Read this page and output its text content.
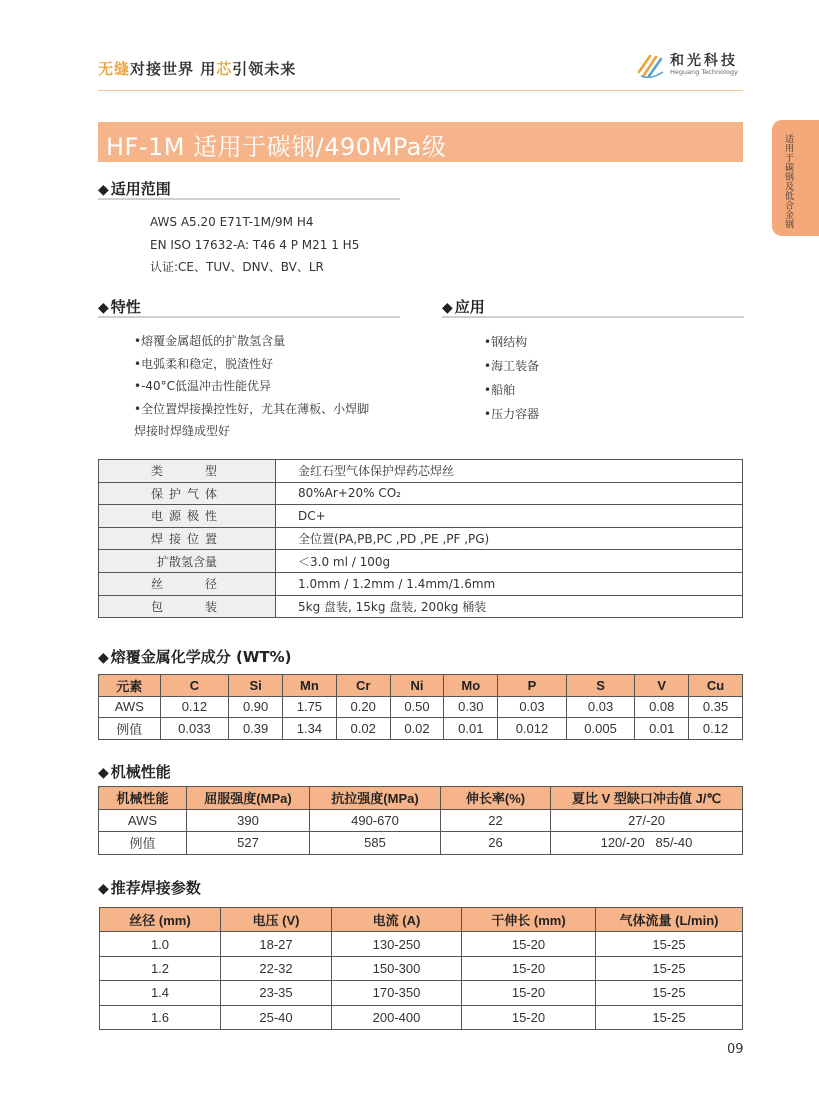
无缝对接世界 用芯引领未来	和光科技
Heguang Technology
适用于碳钢及低合金钢
HF-1M 适用于碳钢/490MPa级
◆ 适用范围
AWS A5.20 E71T-1M/9M H4
EN ISO 17632-A: T46 4 P M21 1 H5
认证:CE、TUV、DNV、BV、LR
◆ 特性
•熔覆金属超低的扩散氢含量
•电弧柔和稳定，脱渣性好
•-40°C低温冲击性能优异
•全位置焊接操控性好，尤其在薄板、小焊脚
焊接时焊缝成型好
◆ 应用
•钢结构
•海工装备
•船舶
•压力容器
类　　型	金红石型气体保护焊药芯焊丝
保护气体	80%Ar+20% CO₂
电源极性	DC+
焊接位置	全位置(PA,PB,PC ,PD ,PE ,PF ,PG)
扩散氢含量	＜3.0 ml / 100g
丝　　径	1.0mm / 1.2mm / 1.4mm/1.6mm
包　　装	5kg 盘装, 15kg 盘装, 200kg 桶装
◆ 熔覆金属化学成分 (WT%)
元素	C	Si	Mn	Cr	Ni	Mo	P	S	V	Cu
AWS	0.12	0.90	1.75	0.20	0.50	0.30	0.03	0.03	0.08	0.35
例值	0.033	0.39	1.34	0.02	0.02	0.01	0.012	0.005	0.01	0.12
◆ 机械性能
机械性能	屈服强度(MPa)	抗拉强度(MPa)	伸长率(%)	夏比 V 型缺口冲击值 J/℃
AWS	390	490-670	22	27/-20
例值	527	585	26	120/-20   85/-40
◆ 推荐焊接参数
丝径 (mm)	电压 (V)	电流 (A)	干伸长 (mm)	气体流量 (L/min)
1.0	18-27	130-250	15-20	15-25
1.2	22-32	150-300	15-20	15-25
1.4	23-35	170-350	15-20	15-25
1.6	25-40	200-400	15-20	15-25
09
